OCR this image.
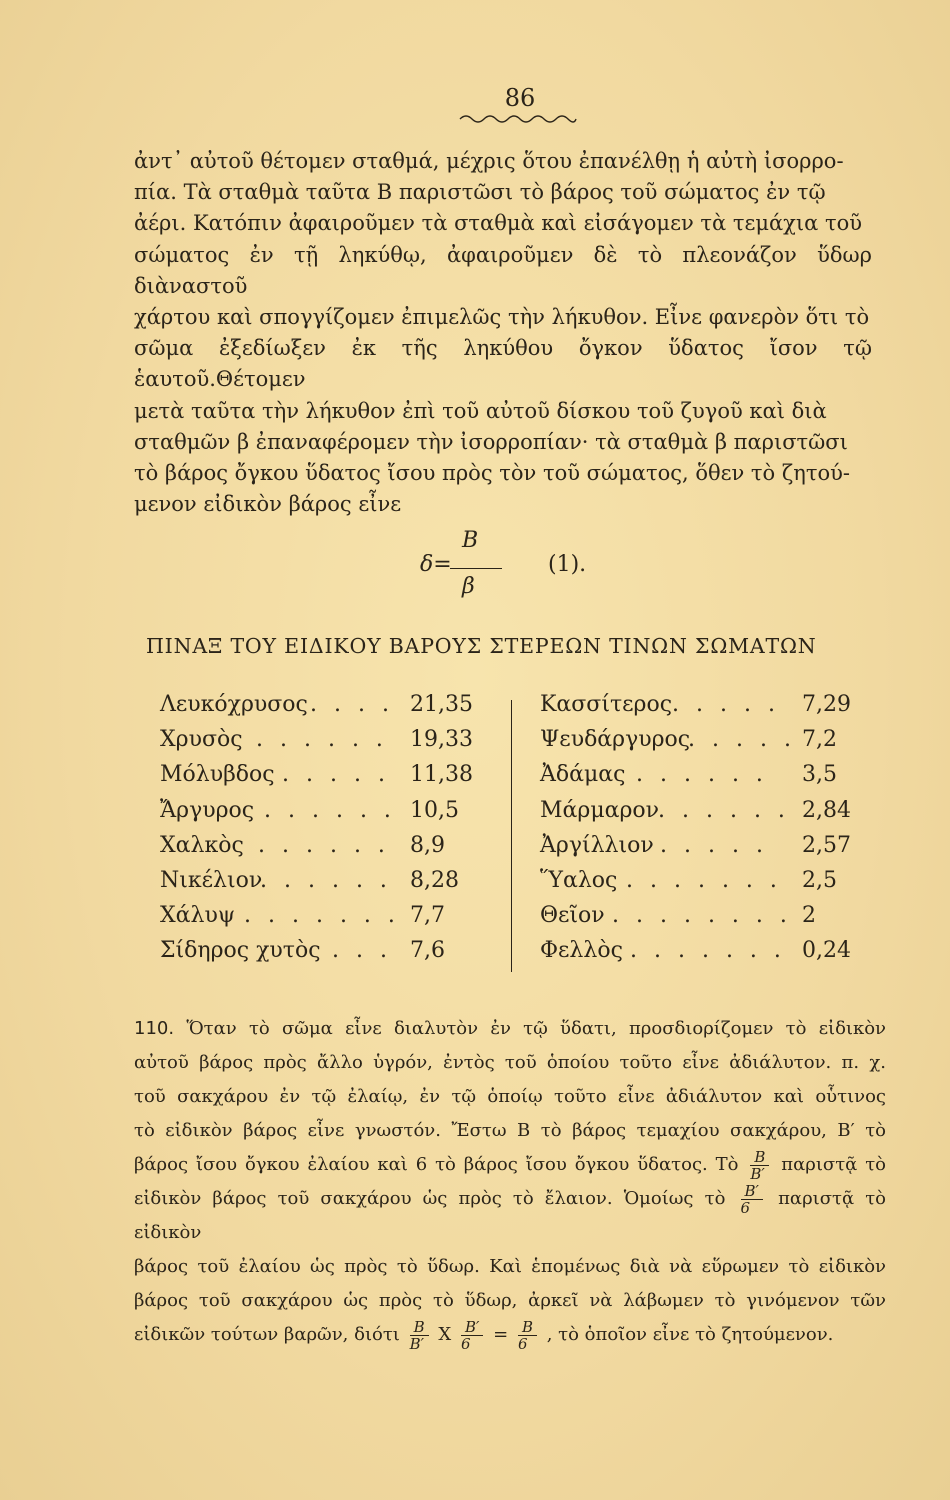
86
ἀντ᾽ αὐτοῦ θέτομεν σταθμά, μέχρις ὅτου ἐπανέλθῃ ἡ αὐτὴ ἰσορρο-
πία. Τὰ σταθμὰ ταῦτα Β παριστῶσι τὸ βάρος τοῦ σώματος ἐν τῷ
ἀέρι. Κατόπιν ἀφαιροῦμεν τὰ σταθμὰ καὶ εἰσάγομεν τὰ τεμάχια τοῦ
σώματος ἐν τῇ ληκύθῳ, ἀφαιροῦμεν δὲ τὸ πλεονάζον ὕδωρ διὰναστοῦ
χάρτου καὶ σπογγίζομεν ἐπιμελῶς τὴν λήκυθον. Εἶνε φανερὸν ὅτι τὸ
σῶμα ἐξεδίωξεν ἐκ τῆς ληκύθου ὄγκον ὕδατος ἴσον τῷ ἑαυτοῦ.Θέτομεν
μετὰ ταῦτα τὴν λήκυθον ἐπὶ τοῦ αὐτοῦ δίσκου τοῦ ζυγοῦ καὶ διὰ
σταθμῶν β ἐπαναφέρομεν τὴν ἰσορροπίαν· τὰ σταθμὰ β παριστῶσι
τὸ βάρος ὄγκου ὕδατος ἴσου πρὸς τὸν τοῦ σώματος, ὅθεν τὸ ζητού-
μενον εἰδικὸν βάρος εἶνε
δ=
B
β
(1).
ΠΙΝΑΞ ΤΟΥ ΕΙΔΙΚΟΥ ΒΑΡΟΥΣ ΣΤΕΡΕΩΝ ΤΙΝΩΝ ΣΩΜΑΤΩΝ
Λευκόχρυσος . . . . 21,35
Χρυσὸς . . . . . . 19,33
Μόλυβδος . . . . . 11,38
Ἄργυρος . . . . . . 10,5
Χαλκὸς . . . . . . 8,9
Νικέλιον
. . . . . . 8,28
Χάλυψ . . . . . . . 7,7
Σίδηρος χυτὸς . . . 7,6
Κασσίτερος . . . . . 7,29
Ψευδάργυρος
. . . . . 7,2
Ἀδάμας . . . . . . 3,5
Μάρμαρον
. . . . . . 2,84
Ἀργίλλιον . . . . . 2,57
Ὕαλος . . . . . . . 2,5
Θεῖον . . . . . . . . 2
Φελλὸς . . . . . . . 0,24

110. Ὅταν τὸ σῶμα εἶνε διαλυτὸν ἐν τῷ ὕδατι, προσδιορίζομεν τὸ εἰδικὸν

αὐτοῦ βάρος πρὸς ἄλλο ὑγρόν, ἐντὸς τοῦ ὁποίου τοῦτο εἶνε ἀδιάλυτον. π. χ.

τοῦ σακχάρου ἐν τῷ ἐλαίῳ, ἐν τῷ ὁποίῳ τοῦτο εἶνε ἀδιάλυτον καὶ οὗτινος

τὸ εἰδικὸν βάρος εἶνε γνωστόν. Ἔστω B τὸ βάρος τεμαχίου σακχάρου, B′ τὸ

βάρος ἴσου ὄγκου ἐλαίου καὶ 6 τὸ βάρος ἴσου ὄγκου ὕδατος. Τὸ $\frac{B}{B'}$ παριστᾷ τὸ

εἰδικὸν βάρος τοῦ σακχάρου ὡς πρὸς τὸ ἔλαιον. Ὁμοίως τὸ $\frac{B'}{6}$ παριστᾷ τὸ εἰδικὸν

βάρος τοῦ ἐλαίου ὡς πρὸς τὸ ὕδωρ. Καὶ ἑπομένως διὰ νὰ εὕρωμεν τὸ εἰδικὸν

βάρος τοῦ σακχάρου ὡς πρὸς τὸ ὕδωρ, ἀρκεῖ νὰ λάβωμεν τὸ γινόμενον τῶν

εἰδικῶν τούτων βαρῶν, διότι $\frac{B}{B'}$ X $\frac{B'}{6} = \frac{B}{6}$ , τὸ ὁποῖον εἶνε τὸ ζητούμενον.
